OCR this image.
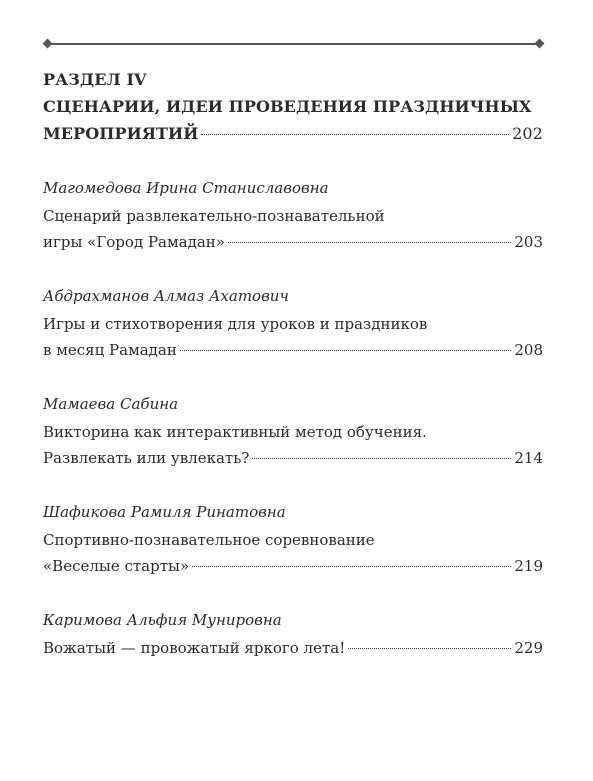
РАЗДЕЛ IV
СЦЕНАРИИ, ИДЕИ ПРОВЕДЕНИЯ ПРАЗДНИЧНЫХ
МЕРОПРИЯТИЙ	202
Магомедова Ирина Станиславовна
Сценарий развлекательно-познавательной
игры «Город Рамадан»	203
Абдрахманов Алмаз Ахатович
Игры и стихотворения для уроков и праздников
в месяц Рамадан	208
Мамаева Сабина
Викторина как интерактивный метод обучения.
Развлекать или увлекать?	214
Шафикова Рамиля Ринатовна
Спортивно-познавательное соревнование
«Веселые старты»	219
Каримова Альфия Мунировна
Вожатый — провожатый яркого лета!	229
